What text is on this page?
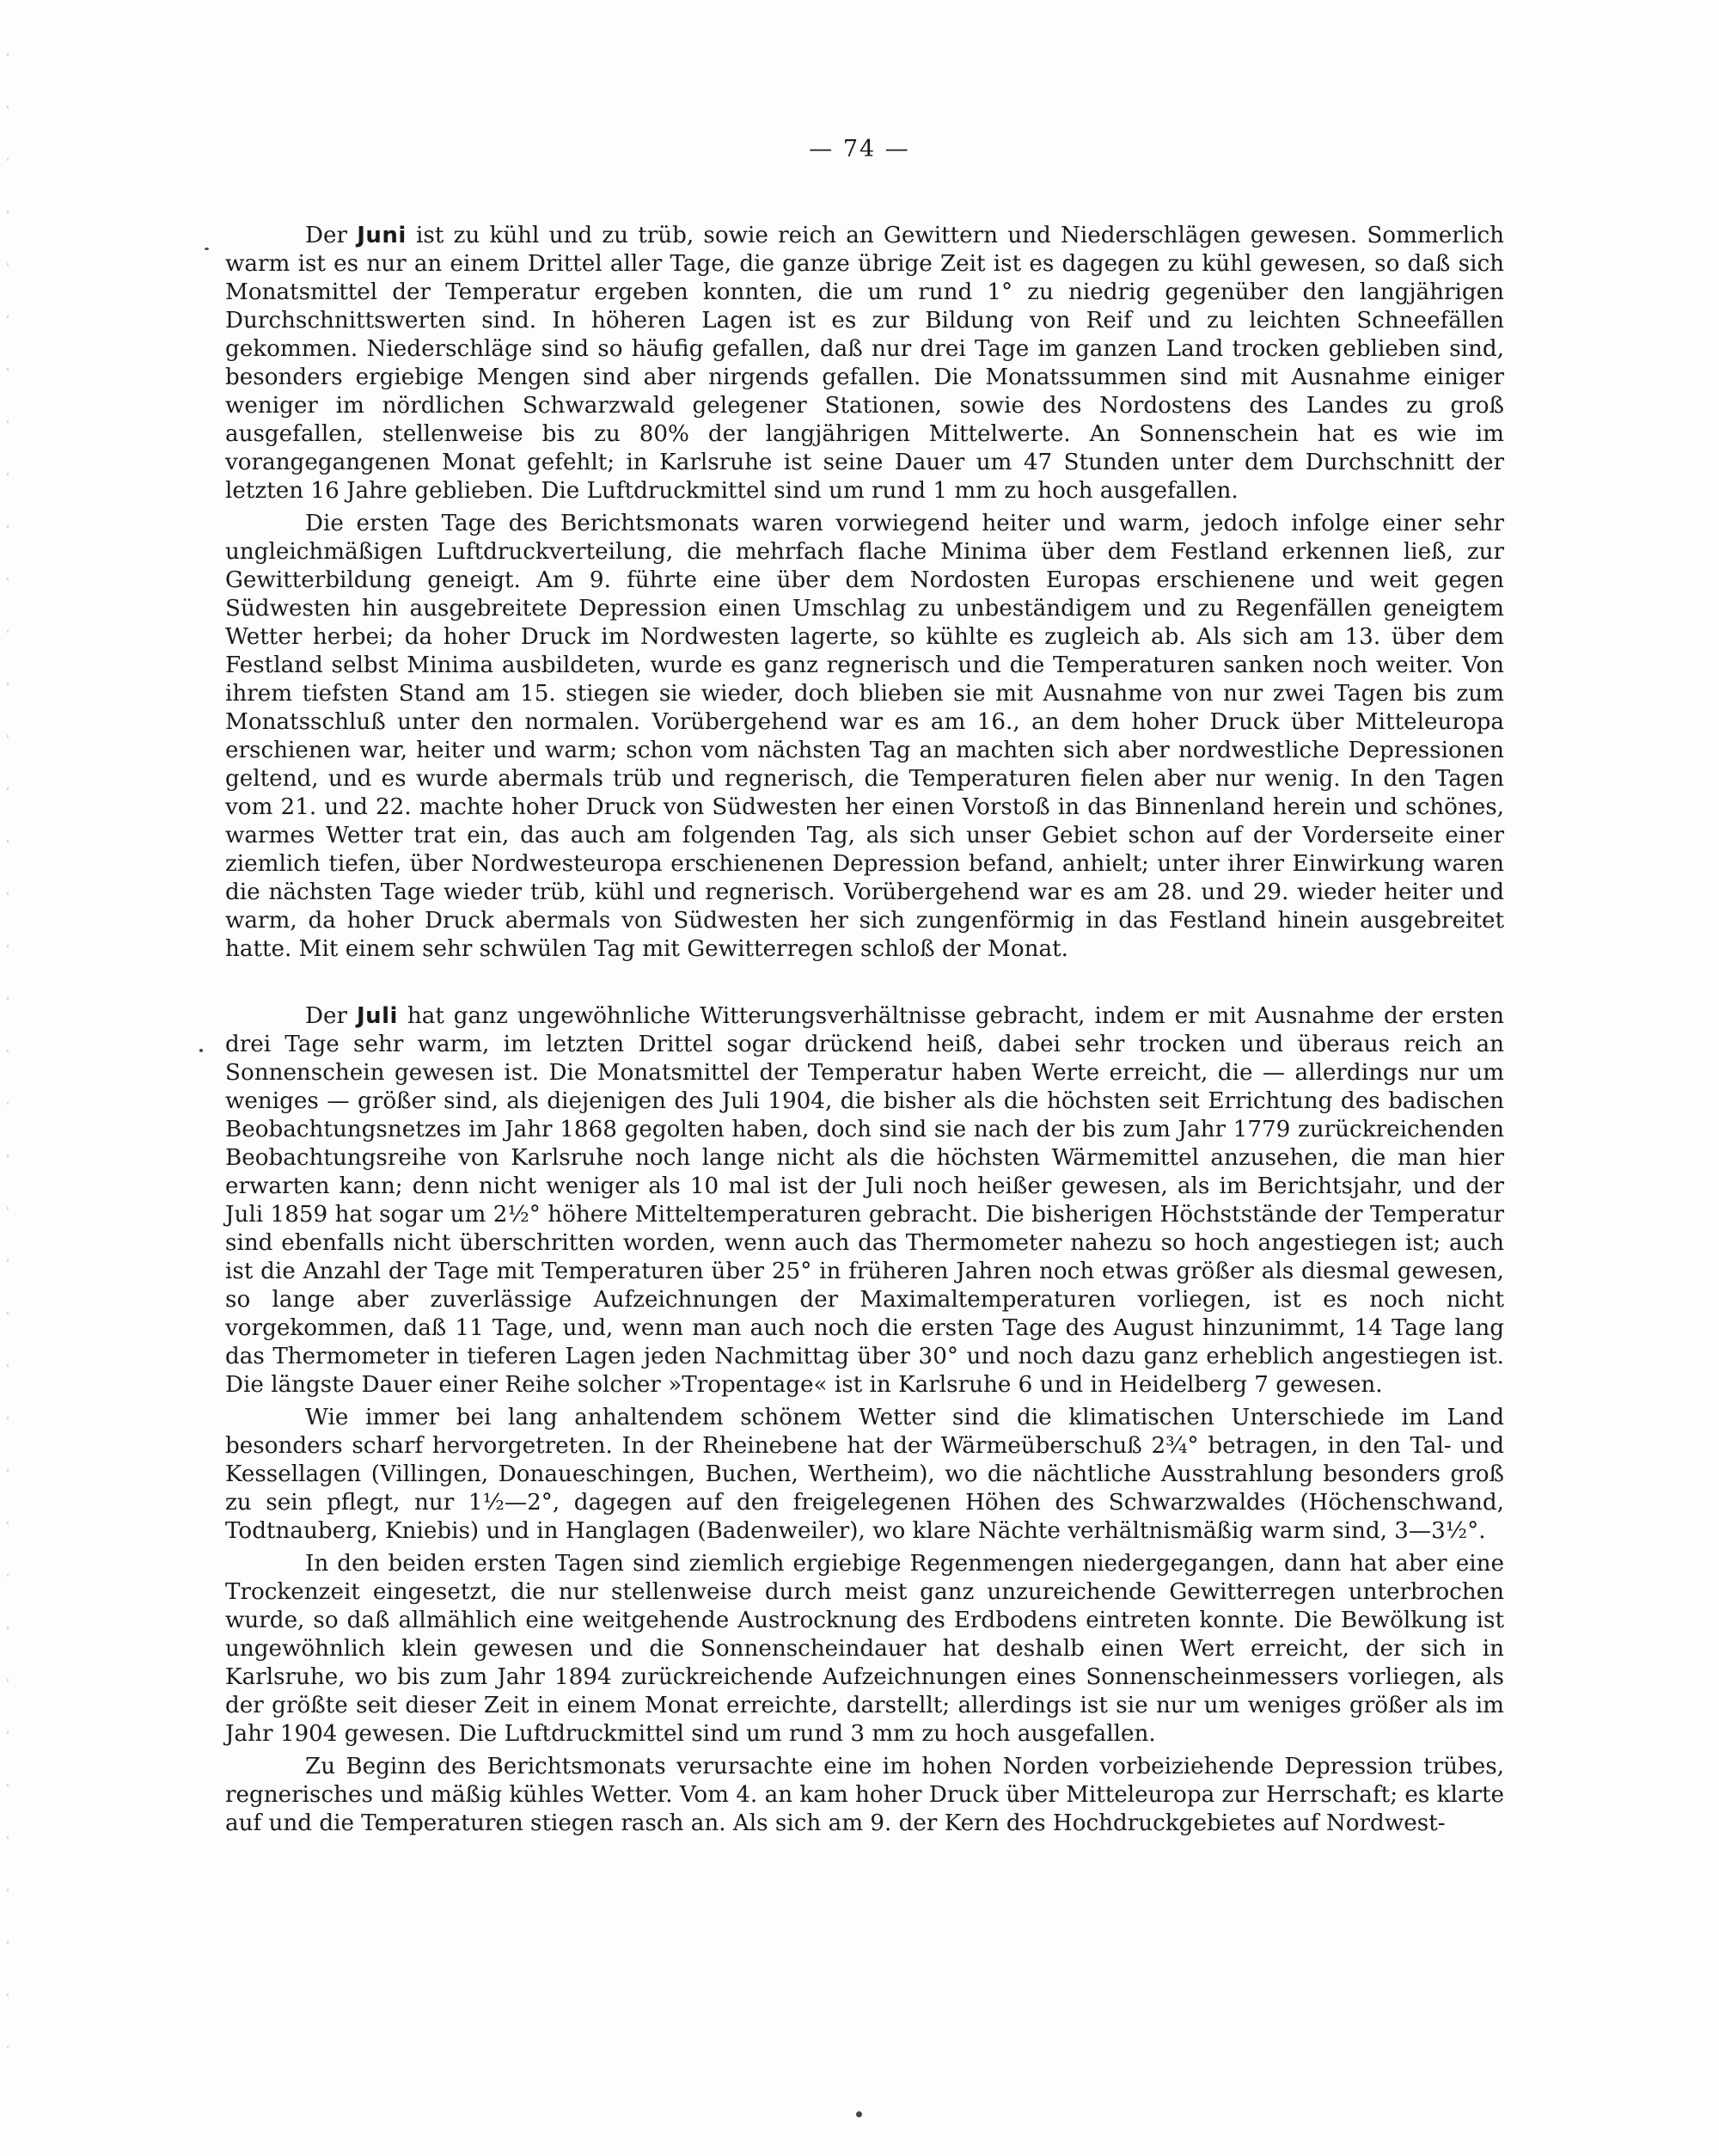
— 74 —

Der Juni ist zu kühl und zu trüb, sowie reich an Gewittern und Niederschlägen gewesen. Sommerlich warm ist es nur an einem Drittel aller Tage, die ganze übrige Zeit ist es dagegen zu kühl gewesen, so daß sich Monatsmittel der Temperatur ergeben konnten, die um rund 1° zu niedrig gegenüber den langjährigen Durchschnittswerten sind. In höheren Lagen ist es zur Bildung von Reif und zu leichten Schneefällen gekommen. Niederschläge sind so häufig gefallen, daß nur drei Tage im ganzen Land trocken geblieben sind, besonders ergiebige Mengen sind aber nirgends gefallen. Die Monatssummen sind mit Ausnahme einiger weniger im nördlichen Schwarzwald gelegener Stationen, sowie des Nordostens des Landes zu groß ausgefallen, stellenweise bis zu 80% der langjährigen Mittelwerte. An Sonnenschein hat es wie im vorangegangenen Monat gefehlt; in Karlsruhe ist seine Dauer um 47 Stunden unter dem Durchschnitt der letzten 16 Jahre geblieben. Die Luftdruckmittel sind um rund 1 mm zu hoch ausgefallen.

Die ersten Tage des Berichtsmonats waren vorwiegend heiter und warm, jedoch infolge einer sehr ungleichmäßigen Luftdruckverteilung, die mehrfach flache Minima über dem Festland erkennen ließ, zur Gewitterbildung geneigt. Am 9. führte eine über dem Nordosten Europas erschienene und weit gegen Südwesten hin ausgebreitete Depression einen Umschlag zu unbeständigem und zu Regenfällen geneigtem Wetter herbei; da hoher Druck im Nordwesten lagerte, so kühlte es zugleich ab. Als sich am 13. über dem Festland selbst Minima ausbildeten, wurde es ganz regnerisch und die Temperaturen sanken noch weiter. Von ihrem tiefsten Stand am 15. stiegen sie wieder, doch blieben sie mit Ausnahme von nur zwei Tagen bis zum Monatsschluß unter den normalen. Vorübergehend war es am 16., an dem hoher Druck über Mitteleuropa erschienen war, heiter und warm; schon vom nächsten Tag an machten sich aber nordwestliche Depressionen geltend, und es wurde abermals trüb und regnerisch, die Temperaturen fielen aber nur wenig. In den Tagen vom 21. und 22. machte hoher Druck von Südwesten her einen Vorstoß in das Binnenland herein und schönes, warmes Wetter trat ein, das auch am folgenden Tag, als sich unser Gebiet schon auf der Vorderseite einer ziemlich tiefen, über Nordwesteuropa erschienenen Depression befand, anhielt; unter ihrer Einwirkung waren die nächsten Tage wieder trüb, kühl und regnerisch. Vorübergehend war es am 28. und 29. wieder heiter und warm, da hoher Druck abermals von Südwesten her sich zungenförmig in das Festland hinein ausgebreitet hatte. Mit einem sehr schwülen Tag mit Gewitterregen schloß der Monat.

Der Juli hat ganz ungewöhnliche Witterungsverhältnisse gebracht, indem er mit Ausnahme der ersten drei Tage sehr warm, im letzten Drittel sogar drückend heiß, dabei sehr trocken und überaus reich an Sonnenschein gewesen ist. Die Monatsmittel der Temperatur haben Werte erreicht, die — allerdings nur um weniges — größer sind, als diejenigen des Juli 1904, die bisher als die höchsten seit Errichtung des badischen Beobachtungsnetzes im Jahr 1868 gegolten haben, doch sind sie nach der bis zum Jahr 1779 zurückreichenden Beobachtungsreihe von Karlsruhe noch lange nicht als die höchsten Wärmemittel anzusehen, die man hier erwarten kann; denn nicht weniger als 10 mal ist der Juli noch heißer gewesen, als im Berichtsjahr, und der Juli 1859 hat sogar um 2½° höhere Mitteltemperaturen gebracht. Die bisherigen Höchststände der Temperatur sind ebenfalls nicht überschritten worden, wenn auch das Thermometer nahezu so hoch angestiegen ist; auch ist die Anzahl der Tage mit Temperaturen über 25° in früheren Jahren noch etwas größer als diesmal gewesen, so lange aber zuverlässige Aufzeichnungen der Maximaltemperaturen vorliegen, ist es noch nicht vorgekommen, daß 11 Tage, und, wenn man auch noch die ersten Tage des August hinzunimmt, 14 Tage lang das Thermometer in tieferen Lagen jeden Nachmittag über 30° und noch dazu ganz erheblich angestiegen ist. Die längste Dauer einer Reihe solcher »Tropentage« ist in Karlsruhe 6 und in Heidelberg 7 gewesen.

Wie immer bei lang anhaltendem schönem Wetter sind die klimatischen Unterschiede im Land besonders scharf hervorgetreten. In der Rheinebene hat der Wärmeüberschuß 2¾° betragen, in den Tal- und Kessellagen (Villingen, Donaueschingen, Buchen, Wertheim), wo die nächtliche Ausstrahlung besonders groß zu sein pflegt, nur 1½—2°, dagegen auf den freigelegenen Höhen des Schwarzwaldes (Höchenschwand, Todtnauberg, Kniebis) und in Hanglagen (Badenweiler), wo klare Nächte verhältnismäßig warm sind, 3—3½°.

In den beiden ersten Tagen sind ziemlich ergiebige Regenmengen niedergegangen, dann hat aber eine Trockenzeit eingesetzt, die nur stellenweise durch meist ganz unzureichende Gewitterregen unterbrochen wurde, so daß allmählich eine weitgehende Austrocknung des Erdbodens eintreten konnte. Die Bewölkung ist ungewöhnlich klein gewesen und die Sonnenscheindauer hat deshalb einen Wert erreicht, der sich in Karlsruhe, wo bis zum Jahr 1894 zurückreichende Aufzeichnungen eines Sonnenscheinmessers vorliegen, als der größte seit dieser Zeit in einem Monat erreichte, darstellt; allerdings ist sie nur um weniges größer als im Jahr 1904 gewesen. Die Luftdruckmittel sind um rund 3 mm zu hoch ausgefallen.

Zu Beginn des Berichtsmonats verursachte eine im hohen Norden vorbeiziehende Depression trübes, regnerisches und mäßig kühles Wetter. Vom 4. an kam hoher Druck über Mitteleuropa zur Herrschaft; es klarte auf und die Temperaturen stiegen rasch an. Als sich am 9. der Kern des Hochdruckgebietes auf Nordwest-
